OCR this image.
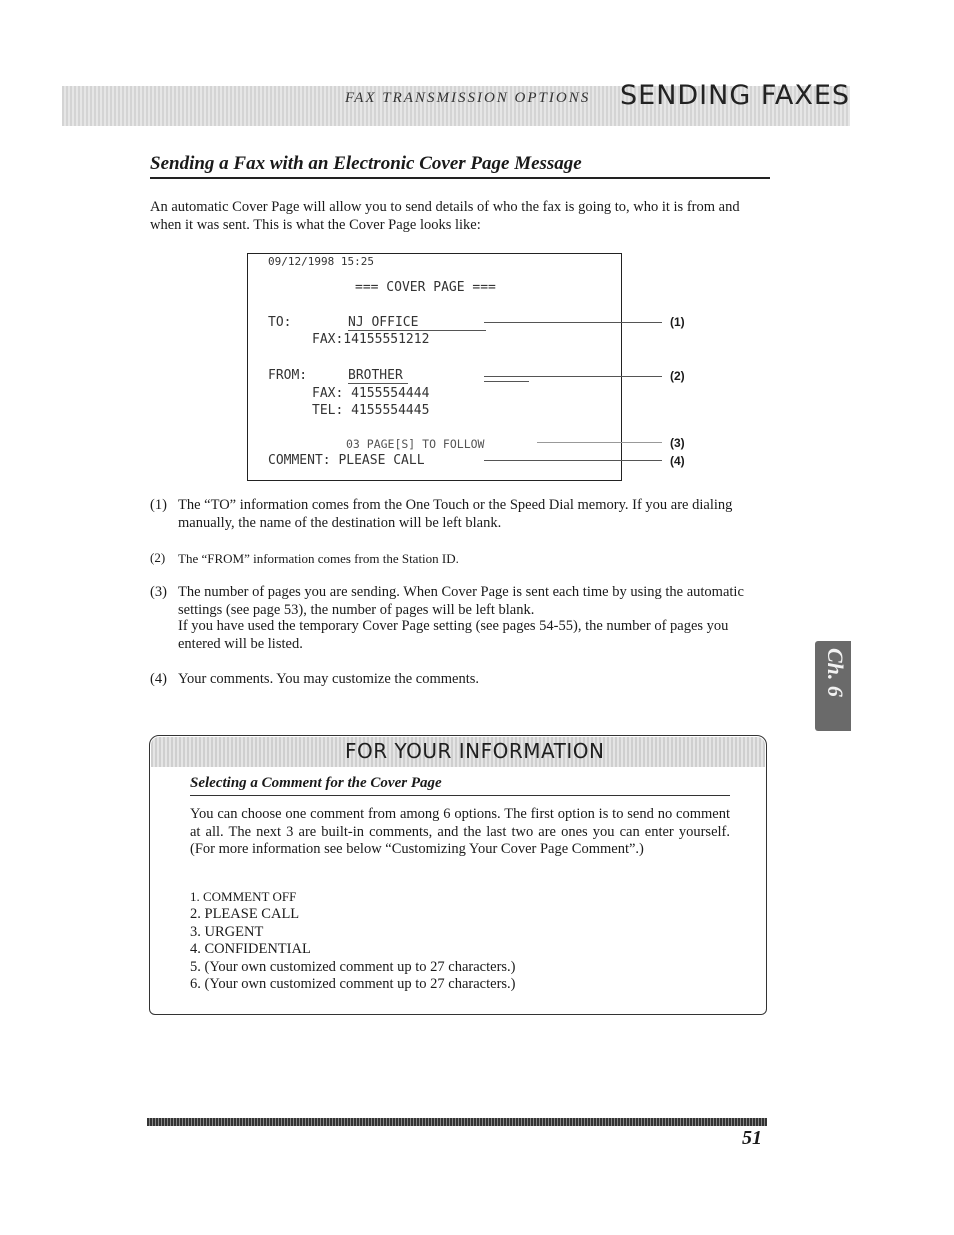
FAX TRANSMISSION OPTIONS SENDING FAXES
Sending a Fax with an Electronic Cover Page Message
An automatic Cover Page will allow you to send details of who the fax is going to, who it is from and when it was sent. This is what the Cover Page looks like:
09/12/1998 15:25
=== COVER PAGE ===
TO:	NJ OFFICE	(1)
FAX:14155551212
FROM:	BROTHER	(2)
FAX: 4155554444
TEL: 4155554445
03 PAGE[S] TO FOLLOW	(3)
COMMENT: PLEASE CALL	(4)
(1) The “TO” information comes from the One Touch or the Speed Dial memory. If you are dialing manually, the name of the destination will be left blank.
(2) The “FROM” information comes from the Station ID.
(3) The number of pages you are sending. When Cover Page is sent each time by using the automatic settings (see page 53), the number of pages will be left blank.
If you have used the temporary Cover Page setting (see pages 54-55), the number of pages you entered will be listed.
(4) Your comments. You may customize the comments.	Ch. 6
FOR YOUR INFORMATION
Selecting a Comment for the Cover Page
You can choose one comment from among 6 options. The first option is to send no comment at all. The next 3 are built-in comments, and the last two are ones you can enter yourself. (For more information see below “Customizing Your Cover Page Comment”.)
1. COMMENT OFF
2. PLEASE CALL
3. URGENT
4. CONFIDENTIAL
5. (Your own customized comment up to 27 characters.)
6. (Your own customized comment up to 27 characters.)
51
